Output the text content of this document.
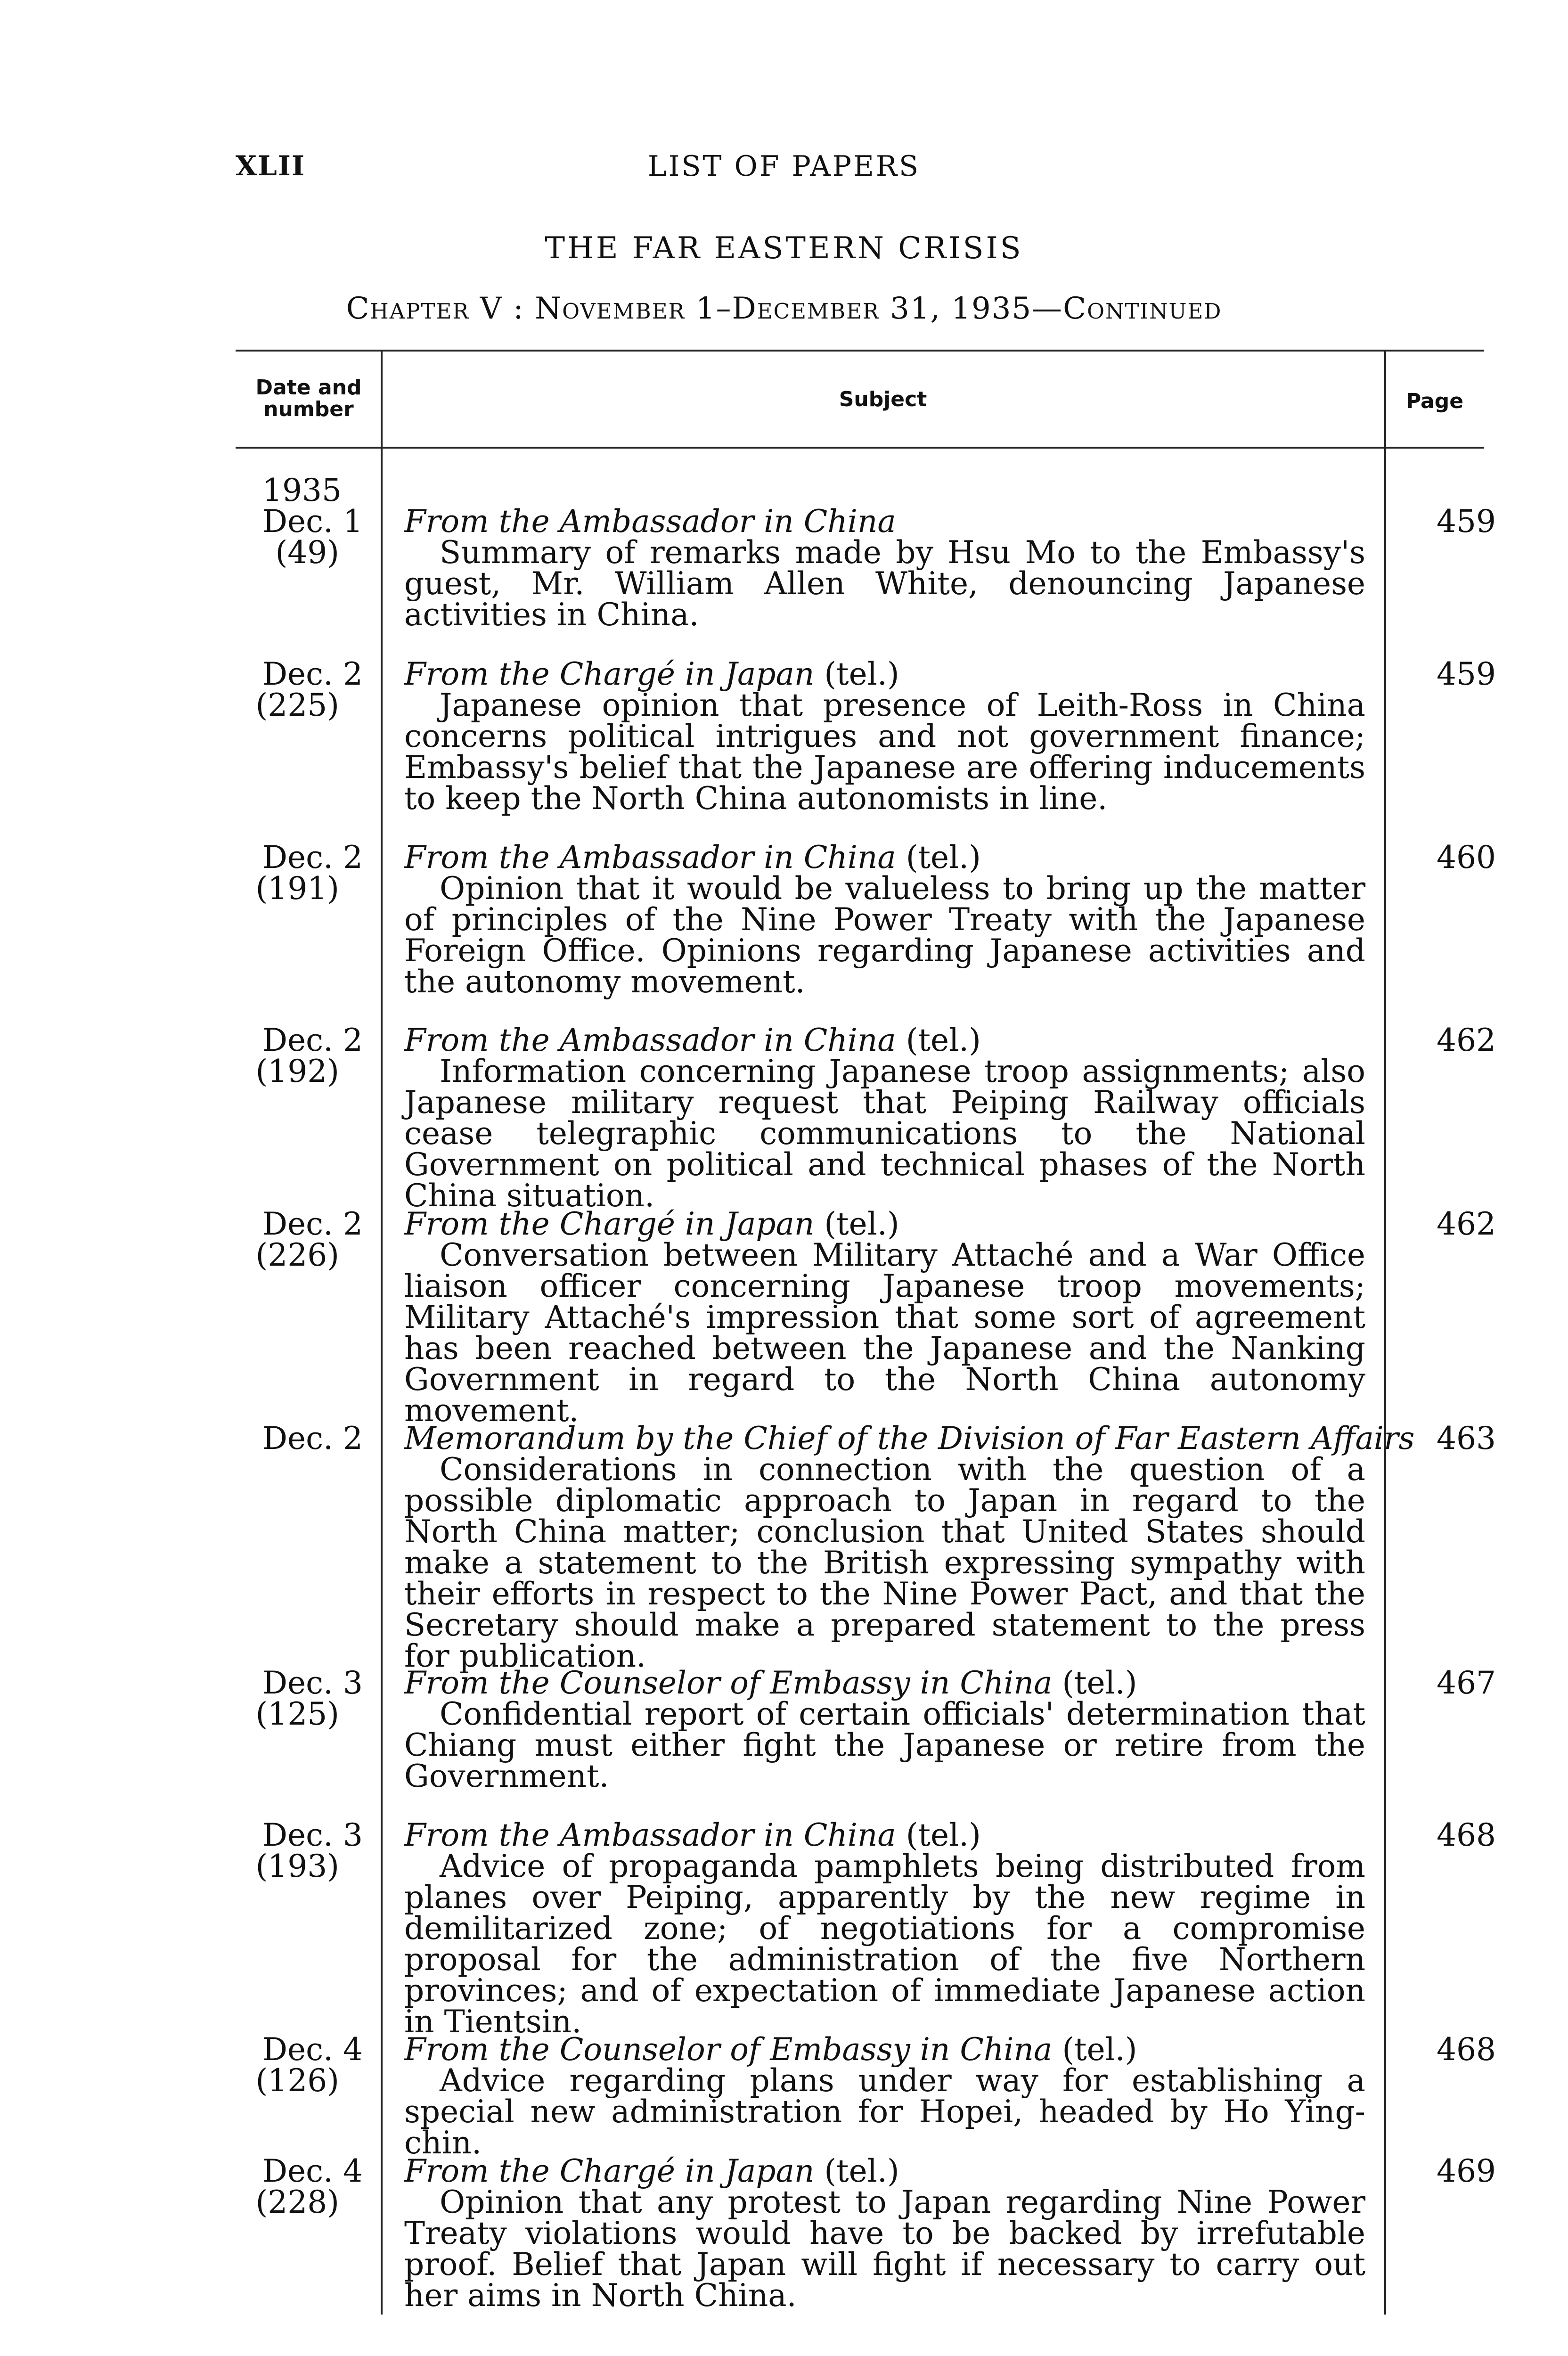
XLII	LIST OF PAPERS
THE FAR EASTERN CRISIS
Chapter V : November 1–December 31, 1935—Continued
Date and number	Subject	Page
1935
Dec. 1
(49)
From the Ambassador in China
Summary of remarks made by Hsu Mo to the Embassy's guest, Mr. William Allen White, denouncing Japanese activities in China.
459
Dec. 2
(225)
From the Chargé in Japan (tel.)
Japanese opinion that presence of Leith-Ross in China concerns political intrigues and not government finance; Embassy's belief that the Japanese are offering inducements to keep the North China autonomists in line.
459
Dec. 2
(191)
From the Ambassador in China (tel.)
Opinion that it would be valueless to bring up the matter of principles of the Nine Power Treaty with the Japanese Foreign Office. Opinions regarding Japanese activities and the autonomy movement.
460
Dec. 2
(192)
From the Ambassador in China (tel.)
Information concerning Japanese troop assignments; also Japanese military request that Peiping Railway officials cease telegraphic communications to the National Government on political and technical phases of the North China situation.
462
Dec. 2
(226)
From the Chargé in Japan (tel.)
Conversation between Military Attaché and a War Office liaison officer concerning Japanese troop movements; Military Attaché's impression that some sort of agreement has been reached between the Japanese and the Nanking Government in regard to the North China autonomy movement.
462
Dec. 2 Memorandum by the Chief of the Division of Far Eastern Affairs
Considerations in connection with the question of a possible diplomatic approach to Japan in regard to the North China matter; conclusion that United States should make a statement to the British expressing sympathy with their efforts in respect to the Nine Power Pact, and that the Secretary should make a prepared statement to the press for publication.
463
Dec. 3
(125)
From the Counselor of Embassy in China (tel.)
Confidential report of certain officials' determination that Chiang must either fight the Japanese or retire from the Government.
467
Dec. 3
(193)
From the Ambassador in China (tel.)
Advice of propaganda pamphlets being distributed from planes over Peiping, apparently by the new regime in demilitarized zone; of negotiations for a compromise proposal for the administration of the five Northern provinces; and of expectation of immediate Japanese action in Tientsin.
468
Dec. 4
(126)
From the Counselor of Embassy in China (tel.)
Advice regarding plans under way for establishing a special new administration for Hopei, headed by Ho Ying-chin.
468
Dec. 4
(228)
From the Chargé in Japan (tel.)
Opinion that any protest to Japan regarding Nine Power Treaty violations would have to be backed by irrefutable proof. Belief that Japan will fight if necessary to carry out her aims in North China.
469
